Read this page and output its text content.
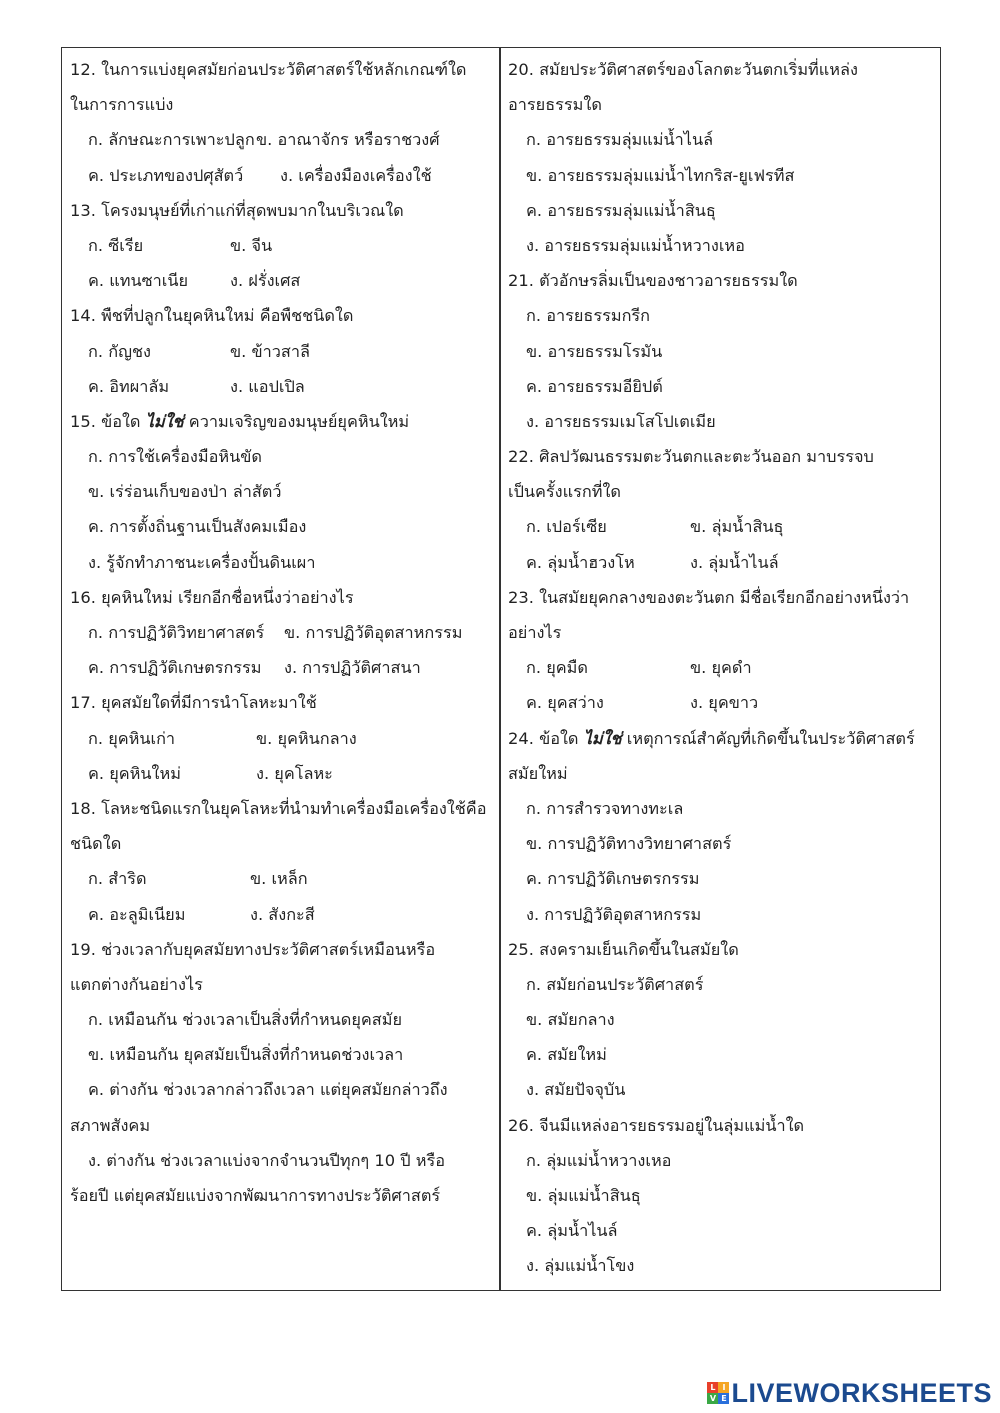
12. ในการแบ่งยุคสมัยก่อนประวัติศาสตร์ใช้หลักเกณฑ์ใด
ในการการแบ่ง
ก. ลักษณะการเพาะปลูก ข. อาณาจักร หรือราชวงศ์
ค. ประเภทของปศุสัตว์ ง. เครื่องมืองเครื่องใช้
13. โครงมนุษย์ที่เก่าแก่ที่สุดพบมากในบริเวณใด
ก. ซีเรีย	ข. จีน
ค. แทนซาเนีย	ง. ฝรั่งเศส
14. พืชที่ปลูกในยุคหินใหม่ คือพืชชนิดใด
ก. กัญชง	ข. ข้าวสาลี
ค. อิทผาลัม	ง. แอปเปิล
15. ข้อใด ไม่ใช่ ความเจริญของมนุษย์ยุคหินใหม่
ก. การใช้เครื่องมือหินขัด
ข. เร่ร่อนเก็บของป่า ล่าสัตว์
ค. การตั้งถิ่นฐานเป็นสังคมเมือง
ง. รู้จักทำภาชนะเครื่องปั้นดินเผา
16. ยุคหินใหม่ เรียกอีกชื่อหนึ่งว่าอย่างไร
ก. การปฏิวัติวิทยาศาสตร์ ข. การปฏิวัติอุตสาหกรรม
ค. การปฏิวัติเกษตรกรรม ง. การปฏิวัติศาสนา
17. ยุคสมัยใดที่มีการนำโลหะมาใช้
ก. ยุคหินเก่า	ข. ยุคหินกลาง
ค. ยุคหินใหม่	ง. ยุคโลหะ
18. โลหะชนิดแรกในยุคโลหะที่นำมทำเครื่องมือเครื่องใช้คือ
ชนิดใด
ก. สำริด	ข. เหล็ก
ค. อะลูมิเนียม	ง. สังกะสี
19. ช่วงเวลากับยุคสมัยทางประวัติศาสตร์เหมือนหรือ
แตกต่างกันอย่างไร
ก. เหมือนกัน ช่วงเวลาเป็นสิ่งที่กำหนดยุคสมัย
ข. เหมือนกัน ยุคสมัยเป็นสิ่งที่กำหนดช่วงเวลา
ค. ต่างกัน ช่วงเวลากล่าวถึงเวลา แต่ยุคสมัยกล่าวถึง
สภาพสังคม
ง. ต่างกัน ช่วงเวลาแบ่งจากจำนวนปีทุกๆ 10 ปี หรือ
ร้อยปี แต่ยุคสมัยแบ่งจากพัฒนาการทางประวัติศาสตร์
20. สมัยประวัติศาสตร์ของโลกตะวันตกเริ่มที่แหล่ง
อารยธรรมใด
ก. อารยธรรมลุ่มแม่น้ำไนล์
ข. อารยธรรมลุ่มแม่น้ำไทกริส-ยูเฟรทีส
ค. อารยธรรมลุ่มแม่น้ำสินธุ
ง. อารยธรรมลุ่มแม่น้ำหวางเหอ
21. ตัวอักษรลิ่มเป็นของชาวอารยธรรมใด
ก. อารยธรรมกรีก
ข. อารยธรรมโรมัน
ค. อารยธรรมอียิปต์
ง. อารยธรรมเมโสโปเตเมีย
22. ศิลปวัฒนธรรมตะวันตกและตะวันออก มาบรรจบ
เป็นครั้งแรกที่ใด
ก. เปอร์เซีย	ข. ลุ่มน้ำสินธุ
ค. ลุ่มน้ำฮวงโห	ง. ลุ่มน้ำไนล์
23. ในสมัยยุคกลางของตะวันตก มีชื่อเรียกอีกอย่างหนึ่งว่า
อย่างไร
ก. ยุคมืด	ข. ยุคดำ
ค. ยุคสว่าง	ง. ยุคขาว
24. ข้อใด ไม่ใช่ เหตุการณ์สำคัญที่เกิดขึ้นในประวัติศาสตร์
สมัยใหม่
ก. การสำรวจทางทะเล
ข. การปฏิวัติทางวิทยาศาสตร์
ค. การปฏิวัติเกษตรกรรม
ง. การปฏิวัติอุตสาหกรรม
25. สงครามเย็นเกิดขึ้นในสมัยใด
ก. สมัยก่อนประวัติศาสตร์
ข. สมัยกลาง
ค. สมัยใหม่
ง. สมัยปัจจุบัน
26. จีนมีแหล่งอารยธรรมอยู่ในลุ่มแม่น้ำใด
ก. ลุ่มแม่น้ำหวางเหอ
ข. ลุ่มแม่น้ำสินธุ
ค. ลุ่มน้ำไนล์
ง. ลุ่มแม่น้ำโขง
L I
V E LIVEWORKSHEETS
